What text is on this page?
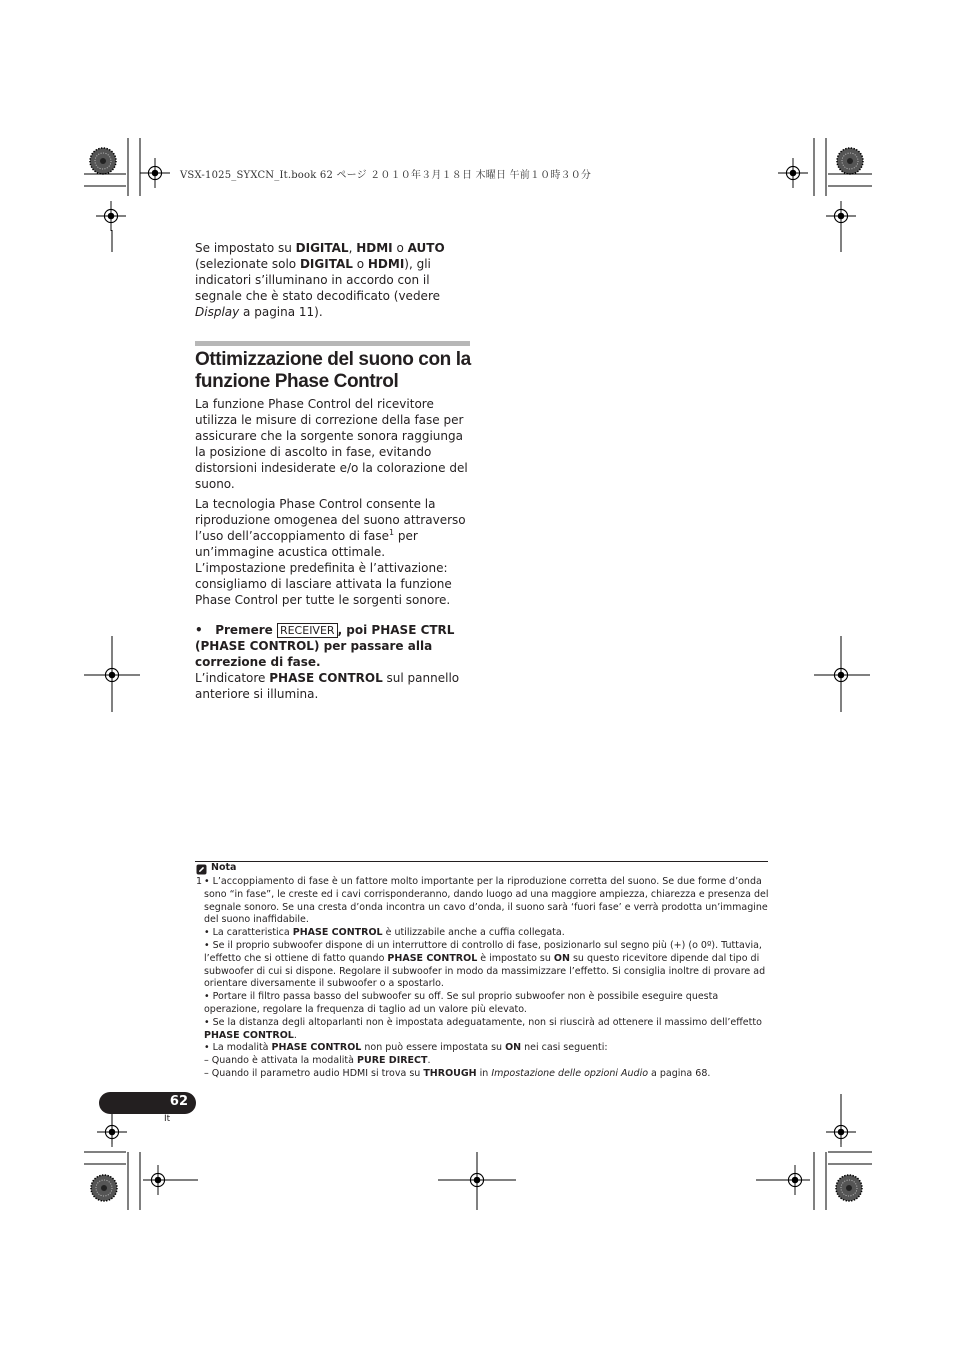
VSX-1025_SYXCN_It.book 62 ページ ２０１０年３月１８日 木曜日 午前１０時３０分

Se impostato su DIGITAL, HDMI o AUTO (selezionate solo DIGITAL o HDMI), gli indicatori s’illuminano in accordo con il segnale che è stato decodificato (vedere Display a pagina 11).

Ottimizzazione del suono con la funzione Phase Control

La funzione Phase Control del ricevitore utilizza le misure di correzione della fase per assicurare che la sorgente sonora raggiunga la posizione di ascolto in fase, evitando distorsioni indesiderate e/o la colorazione del suono.

La tecnologia Phase Control consente la riproduzione omogenea del suono attraverso l’uso dell’accoppiamento di fase$^1$ per un’immagine acustica ottimale. L’impostazione predefinita è l’attivazione: consigliamo di lasciare attivata la funzione Phase Control per tutte le sorgenti sonore.

• Premere RECEIVER , poi PHASE CTRL (PHASE CONTROL) per passare alla correzione di fase.

L’indicatore PHASE CONTROL sul pannello anteriore si illumina.

Nota
1 • L’accoppiamento di fase è un fattore molto importante per la riproduzione corretta del suono. Se due forme d’onda sono “in fase”, le creste ed i cavi corrisponderanno, dando luogo ad una maggiore ampiezza, chiarezza e presenza del segnale sonoro. Se una cresta d’onda incontra un cavo d’onda, il suono sarà ‘fuori fase’ e verrà prodotta un’immagine del suono inaffidabile.

• La caratteristica PHASE CONTROL è utilizzabile anche a cuffia collegata.

• Se il proprio subwoofer dispone di un interruttore di controllo di fase, posizionarlo sul segno più (+) (o 0º). Tuttavia, l’effetto che si ottiene di fatto quando PHASE CONTROL è impostato su ON su questo ricevitore dipende dal tipo di subwoofer di cui si dispone. Regolare il subwoofer in modo da massimizzare l’effetto. Si consiglia inoltre di provare ad orientare diversamente il subwoofer o a spostarlo.

• Portare il filtro passa basso del subwoofer su off. Se sul proprio subwoofer non è possibile eseguire questa operazione, regolare la frequenza di taglio ad un valore più elevato.

• Se la distanza degli altoparlanti non è impostata adeguatamente, non si riuscirà ad ottenere il massimo dell’effetto PHASE CONTROL.

• La modalità PHASE CONTROL non può essere impostata su ON nei casi seguenti:

– Quando è attivata la modalità PURE DIRECT.

– Quando il parametro audio HDMI si trova su THROUGH in Impostazione delle opzioni Audio a pagina 68.

62
It
